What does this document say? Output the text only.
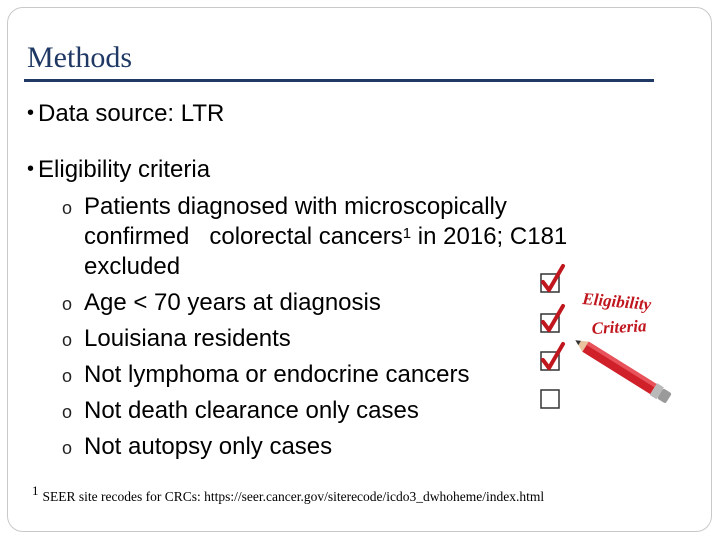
Methods
• Data source: LTR
• Eligibility criteria
o Patients diagnosed with microscopically
confirmed   colorectal cancers$^1$ in 2016; C181
excluded
o Age < 70 years at diagnosis
o Louisiana residents
o Not lymphoma or endocrine cancers
o Not death clearance only cases
o Not autopsy only cases
Eligibility
Criteria
1 SEER site recodes for CRCs: https://seer.cancer.gov/siterecode/icdo3_dwhoheme/index.html
